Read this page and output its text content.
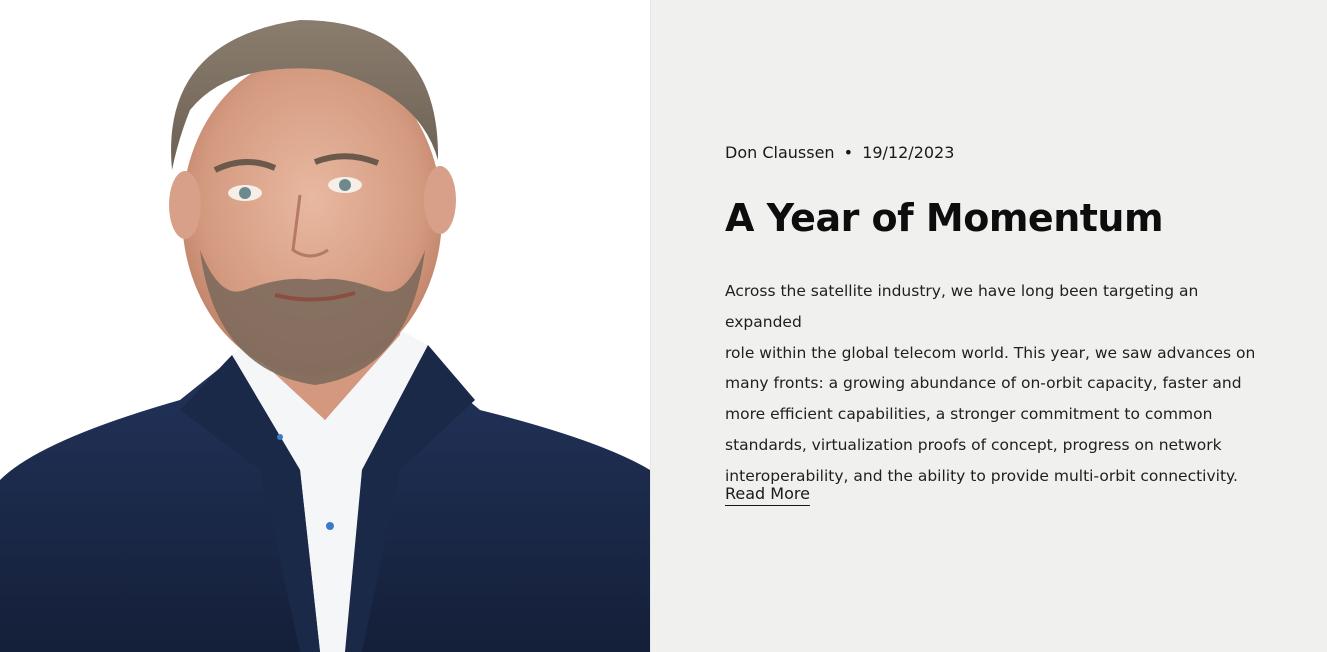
Don Claussen • 19/12/2023
A Year of Momentum

Across the satellite industry, we have long been targeting an expanded
role within the global telecom world. This year, we saw advances on
many fronts: a growing abundance of on-orbit capacity, faster and
more efficient capabilities, a stronger commitment to common
standards, virtualization proofs of concept, progress on network
interoperability, and the ability to provide multi-orbit connectivity.

Read More
